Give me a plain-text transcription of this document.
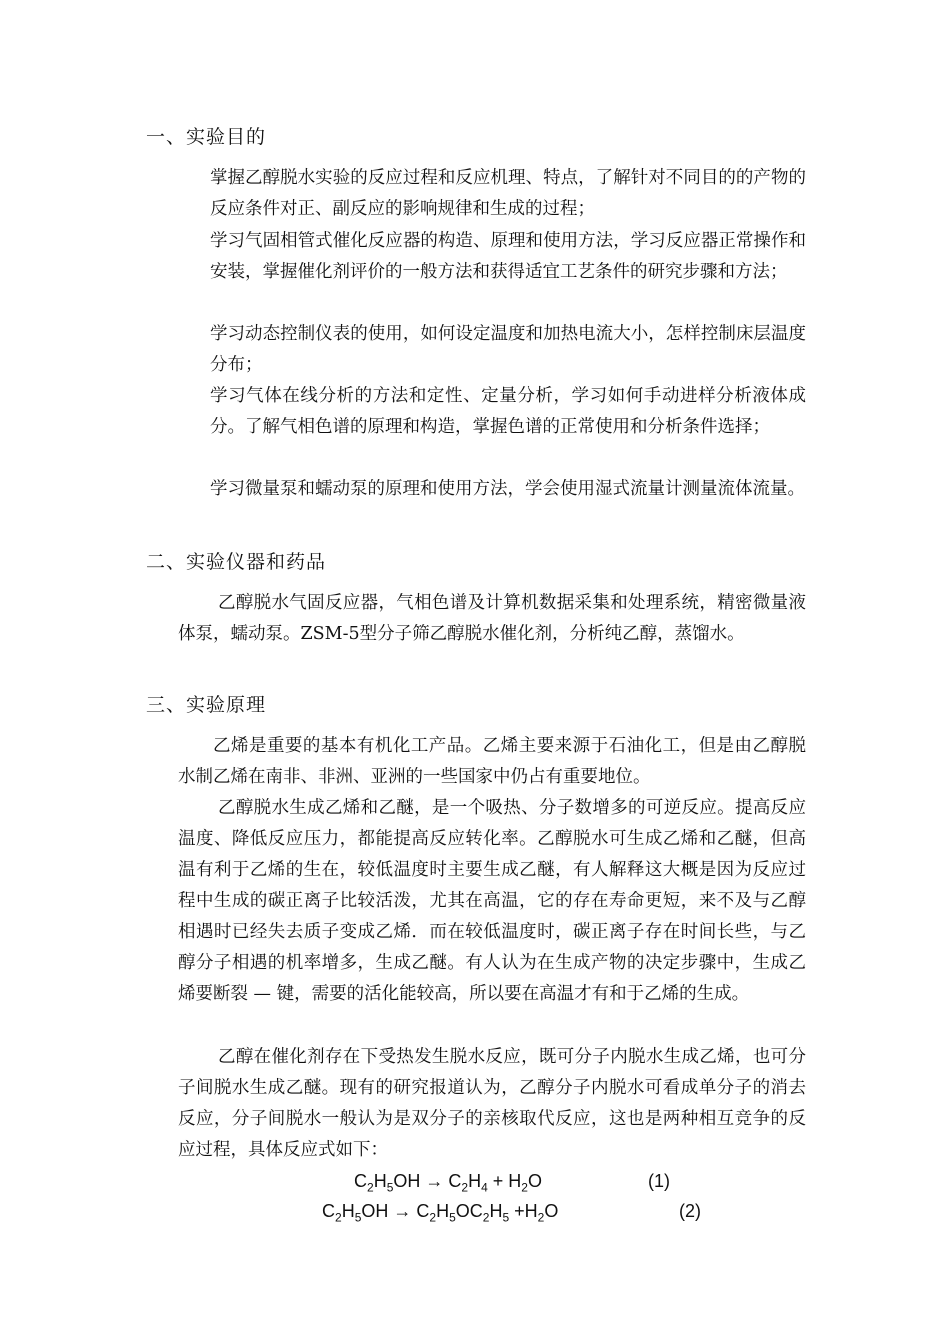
一、实验目的

掌握乙醇脱水实验的反应过程和反应机理、特点，了解针对不同目的的产物的反应条件对正、副反应的影响规律和生成的过程；

学习气固相管式催化反应器的构造、原理和使用方法，学习反应器正常操作和安装，掌握催化剂评价的一般方法和获得适宜工艺条件的研究步骤和方法；

学习动态控制仪表的使用，如何设定温度和加热电流大小，怎样控制床层温度分布；

学习气体在线分析的方法和定性、定量分析，学习如何手动进样分析液体成分。了解气相色谱的原理和构造，掌握色谱的正常使用和分析条件选择；

学习微量泵和蠕动泵的原理和使用方法，学会使用湿式流量计测量流体流量。

二、实验仪器和药品

乙醇脱水气固反应器，气相色谱及计算机数据采集和处理系统，精密微量液体泵，蠕动泵。ZSM-5型分子筛乙醇脱水催化剂，分析纯乙醇，蒸馏水。

三、实验原理

乙烯是重要的基本有机化工产品。乙烯主要来源于石油化工，但是由乙醇脱水制乙烯在南非、非洲、亚洲的一些国家中仍占有重要地位。

乙醇脱水生成乙烯和乙醚，是一个吸热、分子数增多的可逆反应。提高反应温度、降低反应压力，都能提高反应转化率。乙醇脱水可生成乙烯和乙醚，但高温有利于乙烯的生在，较低温度时主要生成乙醚，有人解释这大概是因为反应过程中生成的碳正离子比较活泼，尤其在高温，它的存在寿命更短，来不及与乙醇相遇时已经失去质子变成乙烯．而在较低温度时，碳正离子存在时间长些，与乙醇分子相遇的机率增多，生成乙醚。有人认为在生成产物的决定步骤中，生成乙烯要断裂 — 键，需要的活化能较高，所以要在高温才有和于乙烯的生成。

乙醇在催化剂存在下受热发生脱水反应，既可分子内脱水生成乙烯，也可分子间脱水生成乙醚。现有的研究报道认为，乙醇分子内脱水可看成单分子的消去反应，分子间脱水一般认为是双分子的亲核取代反应，这也是两种相互竞争的反应过程，具体反应式如下：

$C_2H_5OH \to C_2H_4 + H_2O$	(1)
$C_2H_5OH \to C_2H_5OC_2H_5 +H_2O$	(2)
